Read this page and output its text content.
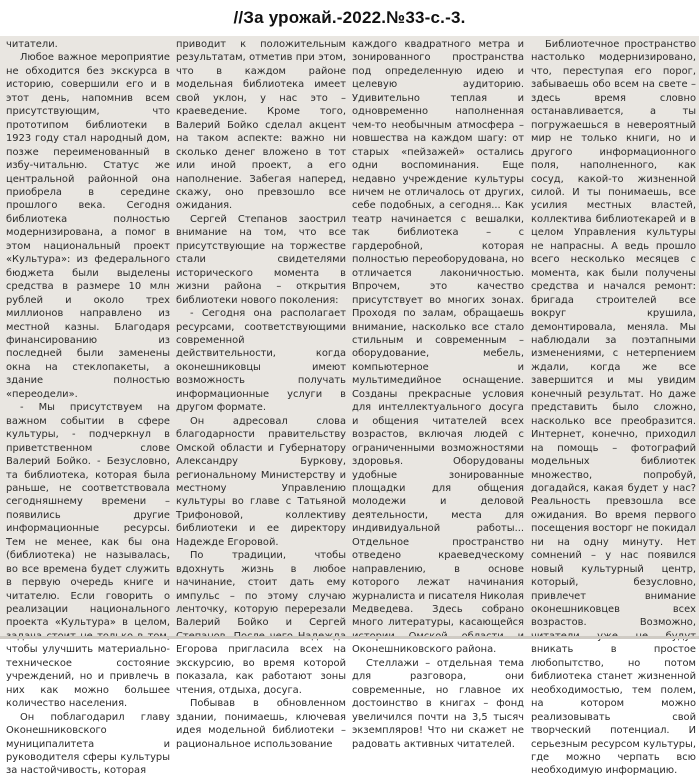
//За урожай.-2022.№33-с.-3.

читатели.

Любое важное мероприятие не обходится без экскурса в историю, совершили его и в этот день, напомнив всем присутствующим, что прототипом библиотеки в 1923 году стал народный дом, позже переименованный в избу-читальню. Статус же центральной районной она приобрела в середине прошлого века. Сегодня библиотека полностью модернизирована, а помог в этом национальный проект «Культура»: из федерального бюджета были выделены средства в размере 10 млн рублей и около трех миллионов направлено из местной казны. Благодаря финансированию из последней были заменены окна на стеклопакеты, а здание полностью «переодели».

- Мы присутствуем на важном событии в сфере культуры, - подчеркнул в приветственном слове Валерий Бойко. - Безусловно, та библиотека, которая была раньше, не соответствовала сегодняшнему времени – появились другие информационные ресурсы. Тем не менее, как бы она (библиотека) не называлась, во все времена будет служить в первую очередь книге и читателю. Если говорить о реализации национального проекта «Культура» в целом, чтобы улучшить материально-техническое состояние учреждений, но и привлечь в них как можно большее количество населения.

Он поблагодарил главу Оконешниковского муниципалитета и руководителя сферы культуры за настойчивость, которая

приводит к положительным результатам, отметив при этом, что в каждом районе модельная библиотека имеет свой уклон, у нас это – краеведение. Кроме того, Валерий Бойко сделал акцент на таком аспекте: важно ни сколько денег вложено в тот или иной проект, а его наполнение. Забегая наперед, скажу, оно превзошло все ожидания.

Сергей Степанов заострил внимание на том, что все присутствующие на торжестве стали свидетелями исторического момента в жизни района – открытия библиотеки нового поколения:

- Сегодня она располагает ресурсами, соответствующими современной действительности, когда оконешниковцы имеют возможность получать информационные услуги в другом формате.

Он адресовал слова благодарности правительству Омской области и Губернатору Александру Буркову, региональному Министерству и местному Управлению культуры во главе с Татьяной Трифоновой, коллективу библиотеки и ее директору Надежде Егоровой.

По традиции, чтобы вдохнуть жизнь в любое начинание, стоит дать ему импульс – по этому случаю ленточку, которую перерезали Валерий Бойко и Сергей Егорова пригласила всех на экскурсию, во время которой показала, как работают зоны чтения, отдыха, досуга.

Побывав в обновленном здании, понимаешь, ключевая идея модельной библиотеки – рациональное использование

каждого квадратного метра и зонированного пространства под определенную идею и целевую аудиторию. Удивительно теплая и одновременно наполненная чем-то необычным атмосфера – новшества на каждом шагу: от старых «пейзажей» остались одни воспоминания. Еще недавно учреждение культуры ничем не отличалось от других, себе подобных, а сегодня... Как театр начинается с вешалки, так библиотека – с гардеробной, которая полностью переоборудована, но отличается лаконичностью. Впрочем, это качество присутствует во многих зонах. Проходя по залам, обращаешь внимание, насколько все стало стильным и современным – оборудование, мебель, компьютерное и мультимедийное оснащение. Созданы прекрасные условия для интеллектуального досуга и общения читателей всех возрастов, включая людей с ограниченными возможностями здоровья. Оборудованы удобные зонированные площадки для общения молодежи и деловой деятельности, места для индивидуальной работы... Отдельное пространство отведено краеведческому направлению, в основе которого лежат начинания журналиста и писателя Николая Медведева. Здесь собрано много литературы, касающейся Оконешниковского района.

Стеллажи – отдельная тема для разговора, они современные, но главное их достоинство в книгах – фонд увеличился почти на 3,5 тысяч экземпляров! Что ни скажет не радовать активных читателей.

Библиотечное пространство настолько модернизировано, что, переступая его порог, забываешь обо всем на свете – здесь время словно останавливается, а ты погружаешься в невероятный мир не только книги, но и другого информационного поля, наполненного, как сосуд, какой-то жизненной силой. И ты понимаешь, все усилия местных властей, коллектива библиотекарей и в целом Управления культуры не напрасны. А ведь прошло всего несколько месяцев с момента, как были получены средства и начался ремонт: бригада строителей все вокруг крушила, демонтировала, меняла. Мы наблюдали за поэтапными изменениями, с нетерпением ждали, когда же все завершится и мы увидим конечный результат. Но даже представить было сложно, насколько все преобразится. Интернет, конечно, приходил на помощь – фотографий модельных библиотек множество, попробуй, догадайся, какая будет у нас? Реальность превзошла все ожидания. Во время первого посещения восторг не покидал ни на одну минуту. Нет сомнений – у нас появился новый культурный центр, который, безусловно, привлечет внимание оконешниковцев всех возрастов. Возможно, вникать в простое любопытство, но потом библиотека станет жизненной необходимостью, тем полем, на котором можно реализовывать свой творческий потенциал. И серьезным ресурсом культуры, где можно черпать всю необходимую информацию.
